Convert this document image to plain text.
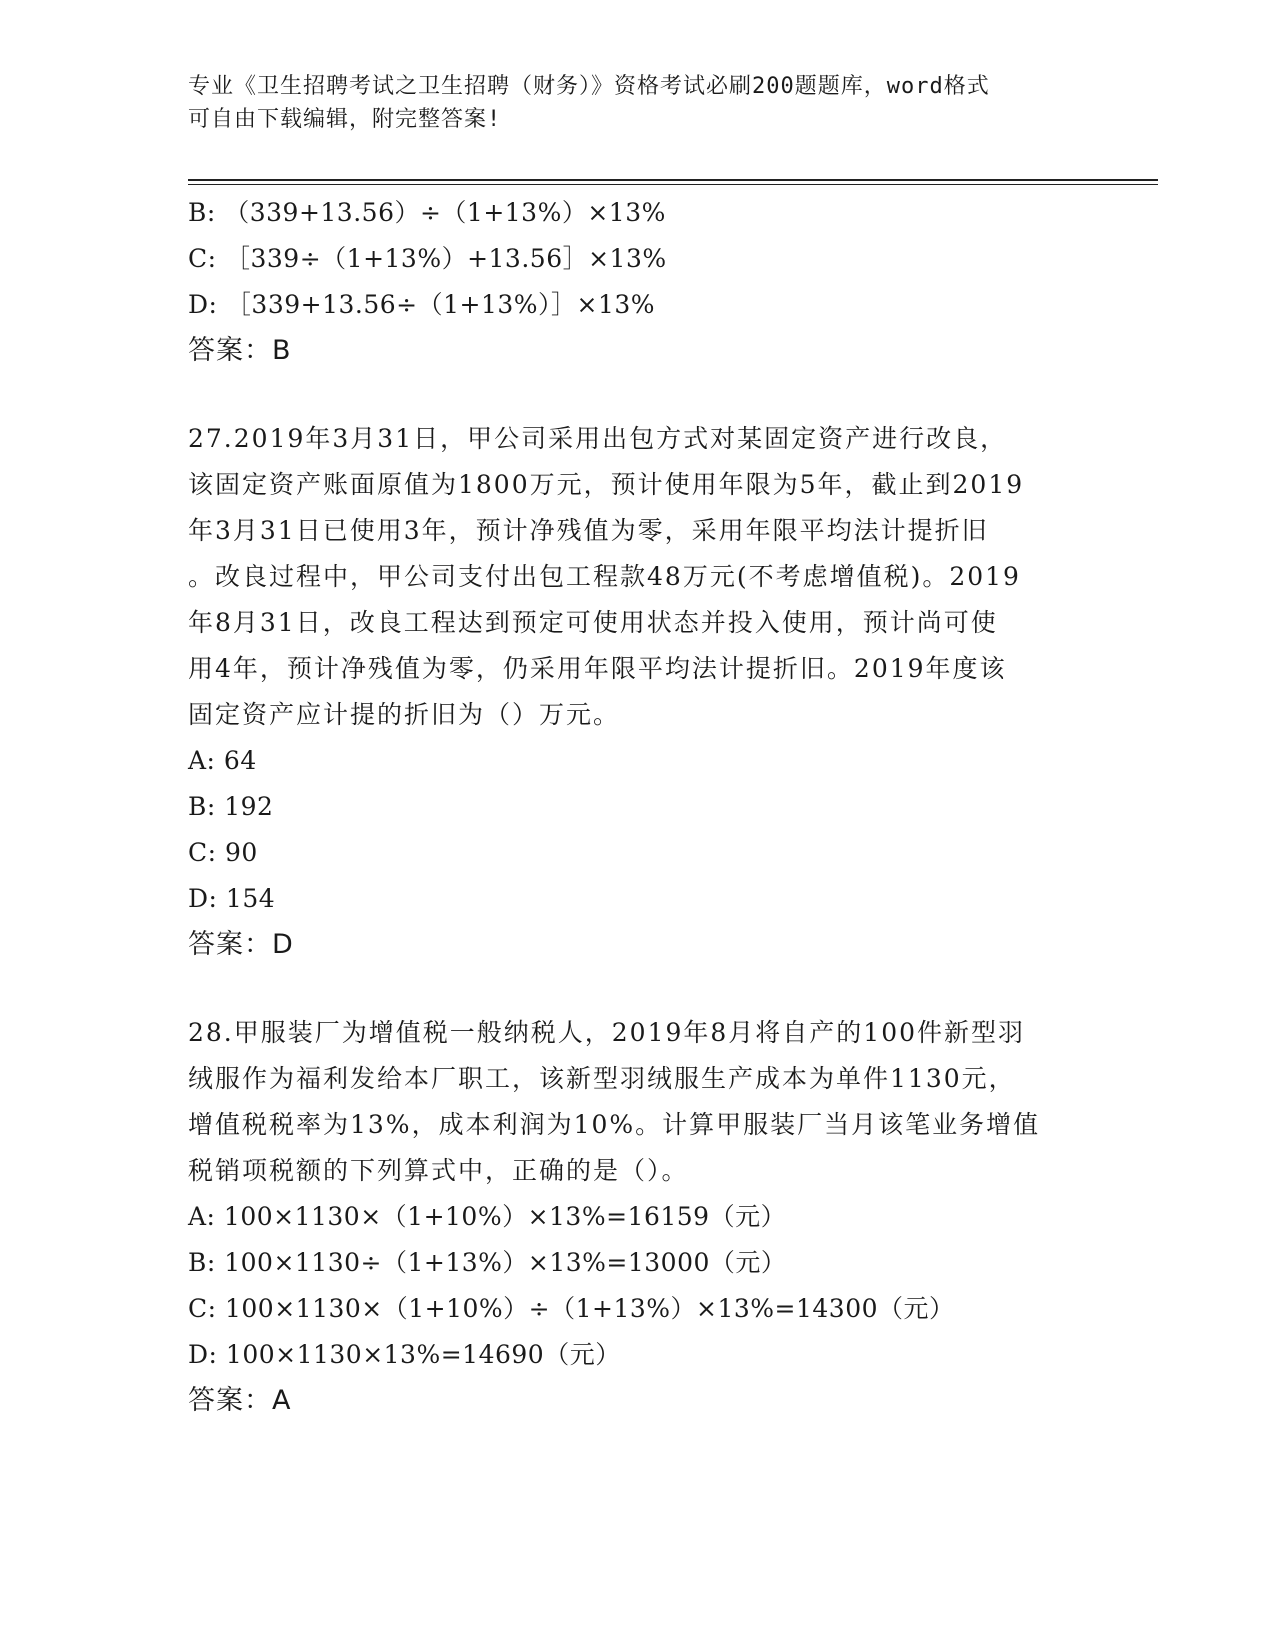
专业《卫生招聘考试之卫生招聘（财务）》资格考试必刷200题题库，word格式
可自由下载编辑，附完整答案!
B: （339+13.56）÷（1+13%）×13%
C: ［339÷（1+13%）+13.56］×13%
D: ［339+13.56÷（1+13%）］×13%
答案：B
27.2019年3月31日，甲公司采用出包方式对某固定资产进行改良，
该固定资产账面原值为1800万元，预计使用年限为5年，截止到2019
年3月31日已使用3年，预计净残值为零，采用年限平均法计提折旧
。改良过程中，甲公司支付出包工程款48万元(不考虑增值税)。2019
年8月31日，改良工程达到预定可使用状态并投入使用，预计尚可使
用4年，预计净残值为零，仍采用年限平均法计提折旧。2019年度该
固定资产应计提的折旧为（）万元。
A: 64
B: 192
C: 90
D: 154
答案：D
28.甲服装厂为增值税一般纳税人，2019年8月将自产的100件新型羽
绒服作为福利发给本厂职工，该新型羽绒服生产成本为单件1130元，
增值税税率为13%，成本利润为10%。计算甲服装厂当月该笔业务增值
税销项税额的下列算式中，正确的是（）。
A: 100×1130×（1+10%）×13%=16159（元）
B: 100×1130÷（1+13%）×13%=13000（元）
C: 100×1130×（1+10%）÷（1+13%）×13%=14300（元）
D: 100×1130×13%=14690（元）
答案：A
